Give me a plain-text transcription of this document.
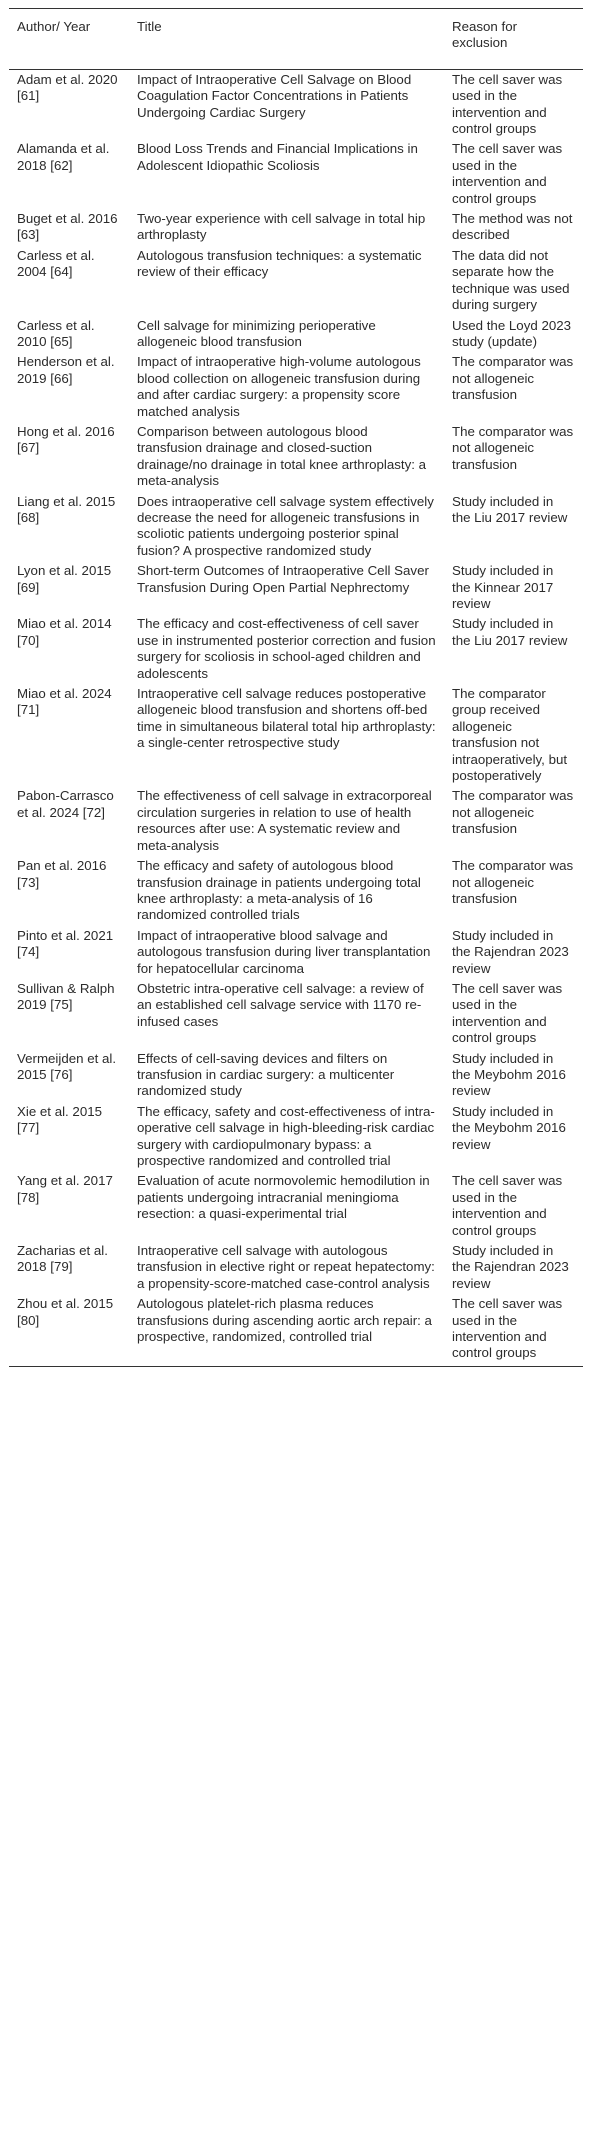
Author/ Year	Title	Reason for exclusion
Adam et al. 2020 [61]	Impact of Intraoperative Cell Salvage on Blood Coagulation Factor Concentrations in Patients Undergoing Cardiac Surgery	The cell saver was used in the intervention and control groups
Alamanda et al. 2018 [62]	Blood Loss Trends and Financial Implications in Adolescent Idiopathic Scoliosis	The cell saver was used in the intervention and control groups
Buget et al. 2016 [63]	Two-year experience with cell salvage in total hip arthroplasty	The method was not described
Carless et al. 2004 [64]	Autologous transfusion techniques: a systematic review of their efficacy	The data did not separate how the technique was used during surgery
Carless et al. 2010 [65]	Cell salvage for minimizing perioperative allogeneic blood transfusion	Used the Loyd 2023 study (update)
Henderson et al. 2019 [66]	Impact of intraoperative high-volume autologous blood collection on allogeneic transfusion during and after cardiac surgery: a propensity score matched analysis	The comparator was not allogeneic transfusion
Hong et al. 2016 [67]	Comparison between autologous blood transfusion drainage and closed-suction drainage/no drainage in total knee arthroplasty: a meta-analysis	The comparator was not allogeneic transfusion
Liang et al. 2015 [68]	Does intraoperative cell salvage system effectively decrease the need for allogeneic transfusions in scoliotic patients undergoing posterior spinal fusion? A prospective randomized study	Study included in the Liu 2017 review
Lyon et al. 2015 [69]	Short-term Outcomes of Intraoperative Cell Saver Transfusion During Open Partial Nephrectomy	Study included in the Kinnear 2017 review
Miao et al. 2014 [70]	The efficacy and cost-effectiveness of cell saver use in instrumented posterior correction and fusion surgery for scoliosis in school-aged children and adolescents	Study included in the Liu 2017 review
Miao et al. 2024 [71]	Intraoperative cell salvage reduces postoperative allogeneic blood transfusion and shortens off-bed time in simultaneous bilateral total hip arthroplasty: a single-center retrospective study	The comparator group received allogeneic transfusion not intraoperatively, but postoperatively
Pabon-Carrasco et al. 2024 [72]	The effectiveness of cell salvage in extracorporeal circulation surgeries in relation to use of health resources after use: A systematic review and meta-analysis	The comparator was not allogeneic transfusion
Pan et al. 2016 [73]	The efficacy and safety of autologous blood transfusion drainage in patients undergoing total knee arthroplasty: a meta-analysis of 16 randomized controlled trials	The comparator was not allogeneic transfusion
Pinto et al. 2021 [74]	Impact of intraoperative blood salvage and autologous transfusion during liver transplantation for hepatocellular carcinoma	Study included in the Rajendran 2023 review
Sullivan & Ralph 2019 [75]	Obstetric intra-operative cell salvage: a review of an established cell salvage service with 1170 re-infused cases	The cell saver was used in the intervention and control groups
Vermeijden et al. 2015 [76]	Effects of cell-saving devices and filters on transfusion in cardiac surgery: a multicenter randomized study	Study included in the Meybohm 2016 review
Xie et al. 2015 [77]	The efficacy, safety and cost-effectiveness of intra-operative cell salvage in high-bleeding-risk cardiac surgery with cardiopulmonary bypass: a prospective randomized and controlled trial	Study included in the Meybohm 2016 review
Yang et al. 2017 [78]	Evaluation of acute normovolemic hemodilution in patients undergoing intracranial meningioma resection: a quasi-experimental trial	The cell saver was used in the intervention and control groups
Zacharias et al. 2018 [79]	Intraoperative cell salvage with autologous transfusion in elective right or repeat hepatectomy: a propensity-score-matched case-control analysis	Study included in the Rajendran 2023 review
Zhou et al. 2015 [80]	Autologous platelet-rich plasma reduces transfusions during ascending aortic arch repair: a prospective, randomized, controlled trial	The cell saver was used in the intervention and control groups
